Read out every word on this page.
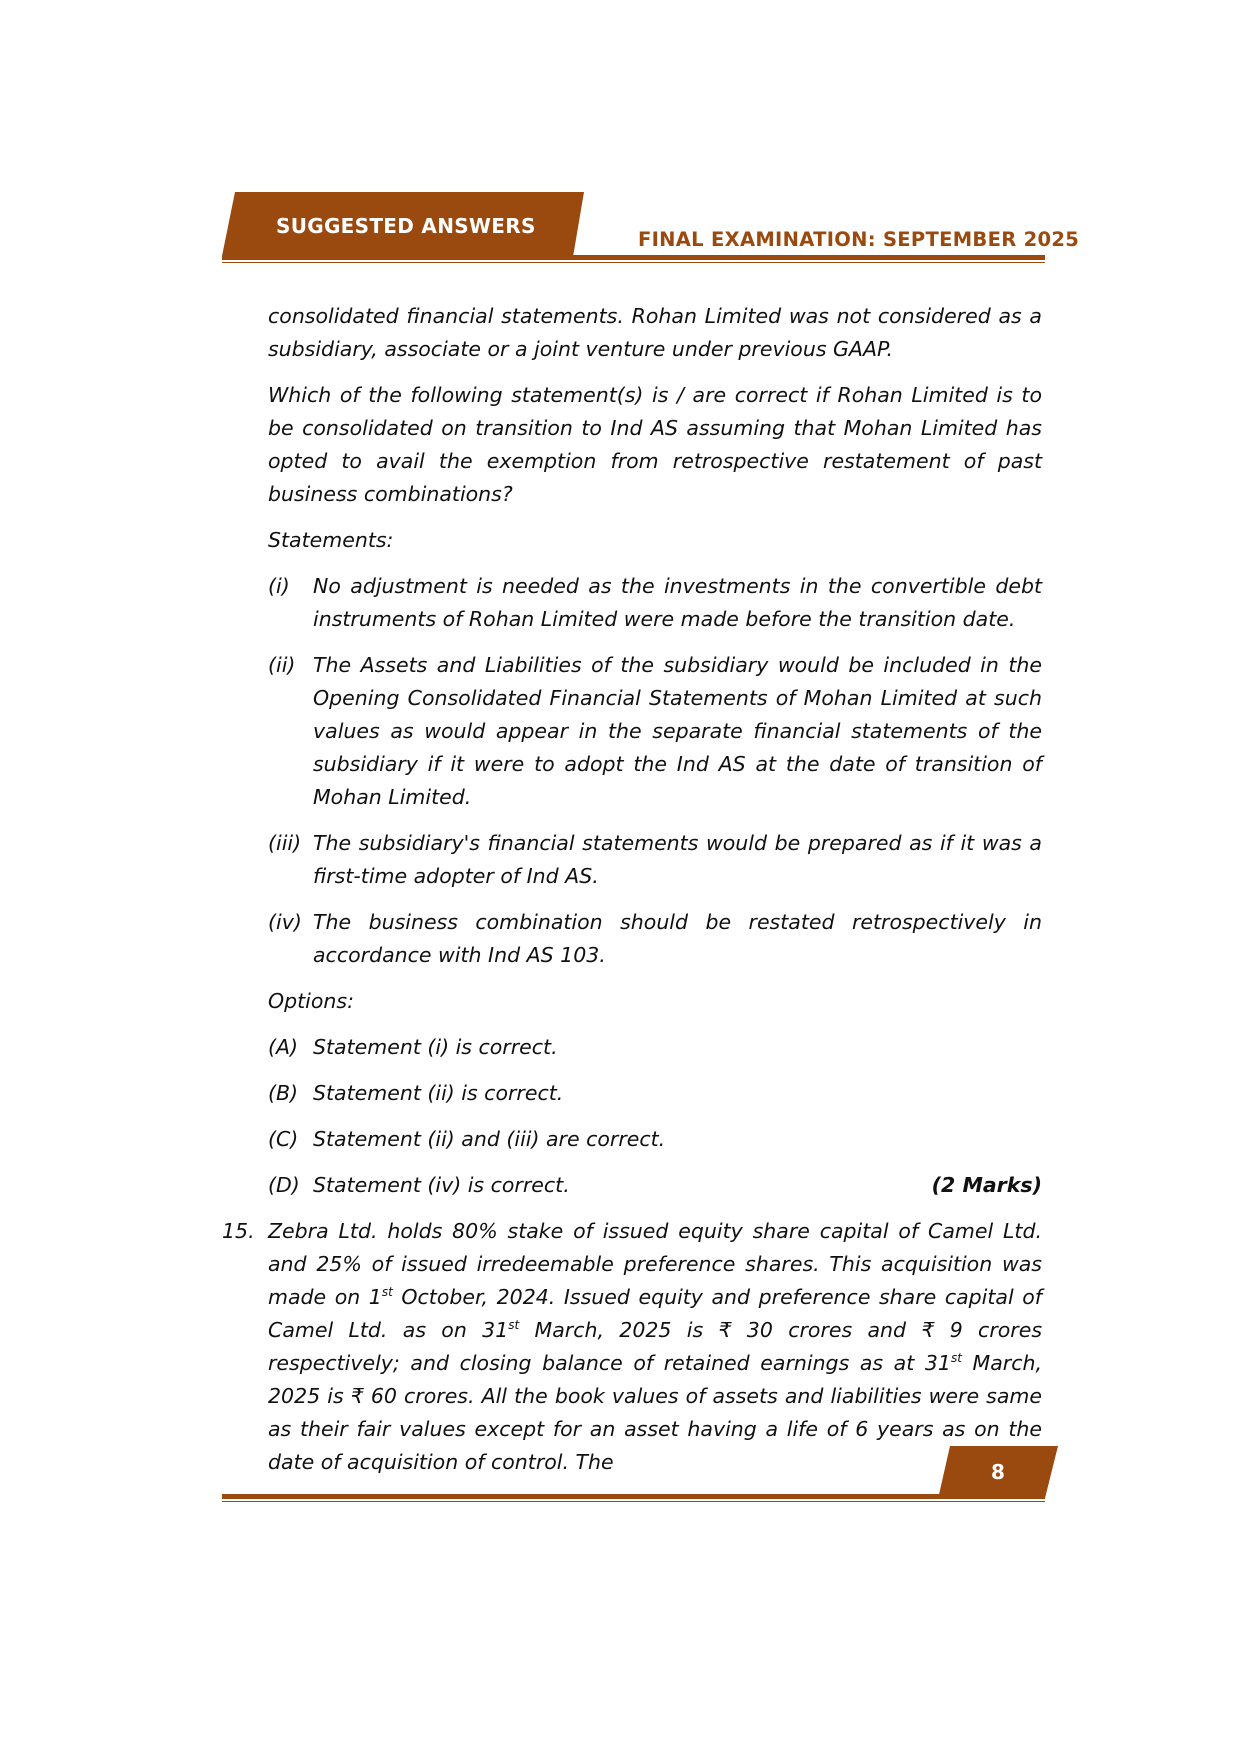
SUGGESTED ANSWERS
FINAL EXAMINATION: SEPTEMBER 2025

consolidated financial statements. Rohan Limited was not considered as a subsidiary, associate or a joint venture under previous GAAP.

Which of the following statement(s) is / are correct if Rohan Limited is to be consolidated on transition to Ind AS assuming that Mohan Limited has opted to avail the exemption from retrospective restatement of past business combinations?

Statements:

(i)	No adjustment is needed as the investments in the convertible debt instruments of Rohan Limited were made before the transition date.
(ii) The Assets and Liabilities of the subsidiary would be included in the Opening Consolidated Financial Statements of Mohan Limited at such values as would appear in the separate financial statements of the subsidiary if it were to adopt the Ind AS at the date of transition of Mohan Limited.
(iii) The subsidiary's financial statements would be prepared as if it was a first-time adopter of Ind AS.
(iv) The business combination should be restated retrospectively in accordance with Ind AS 103.

Options:

(A) Statement (i) is correct.
(B) Statement (ii) is correct.
(C) Statement (ii) and (iii) are correct.
(D) Statement (iv) is correct.	(2 Marks)
15. Zebra Ltd. holds 80% stake of issued equity share capital of Camel Ltd. and 25% of issued irredeemable preference shares. This acquisition was made on 1st October, 2024. Issued equity and preference share capital of Camel Ltd. as on 31st March, 2025 is ₹ 30 crores and ₹ 9 crores respectively; and closing balance of retained earnings as at 31st March, 2025 is ₹ 60 crores. All the book values of assets and liabilities were same as their fair values except for an asset having a life of 6 years as on the date of acquisition of control. The	8
